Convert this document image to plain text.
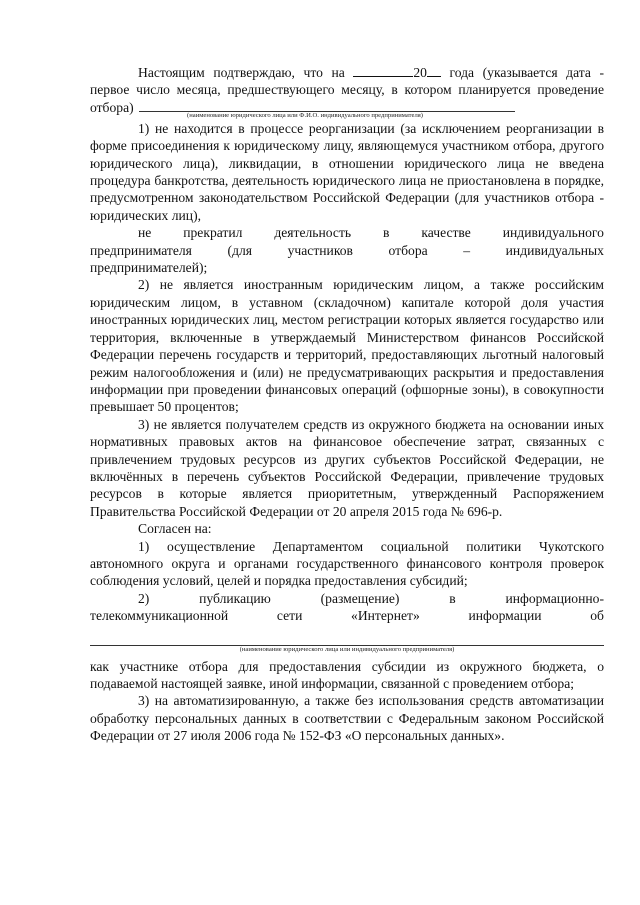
Настоящим подтверждаю, что на	20 года (указывается дата - первое число месяца, предшествующего месяцу, в котором планируется проведение отбора)
(наименование юридического лица или Ф.И.О. индивидуального предпринимателя)

1) не находится в процессе реорганизации (за исключением реорганизации в форме присоединения к юридическому лицу, являющемуся участником отбора, другого юридического лица), ликвидации, в отношении юридического лица не введена процедура банкротства, деятельность юридического лица не приостановлена в порядке, предусмотренном законодательством Российской Федерации (для участников отбора - юридических лиц),

не прекратил деятельность в качестве индивидуального
предпринимателя	(для	участников	отбора	–	индивидуальных

предпринимателей);

2) не является иностранным юридическим лицом, а также российским юридическим лицом, в уставном (складочном) капитале которой доля участия иностранных юридических лиц, местом регистрации которых является государство или территория, включенные в утверждаемый Министерством финансов Российской Федерации перечень государств и территорий, предоставляющих льготный налоговый режим налогообложения и (или) не предусматривающих раскрытия и предоставления информации при проведении финансовых операций (офшорные зоны), в совокупности превышает 50 процентов;

3) не является получателем средств из окружного бюджета на основании иных нормативных правовых актов на финансовое обеспечение затрат, связанных с привлечением трудовых ресурсов из других субъектов Российской Федерации, не включённых в перечень субъектов Российской Федерации, привлечение трудовых ресурсов в которые является приоритетным, утвержденный Распоряжением Правительства Российской Федерации от 20 апреля 2015 года № 696-р.

Согласен на:

1) осуществление Департаментом социальной политики Чукотского автономного округа и органами государственного финансового контроля проверок соблюдения условий, целей и порядка предоставления субсидий;

2)	публикацию	(размещение)	в	информационно-
телекоммуникационной	сети	«Интернет»	информации	об
(наименование юридического лица или индивидуального предпринимателя)

как участнике отбора для предоставления субсидии из окружного бюджета, о подаваемой настоящей заявке, иной информации, связанной с проведением отбора;

3) на автоматизированную, а также без использования средств автоматизации обработку персональных данных в соответствии с Федеральным законом Российской Федерации от 27 июля 2006 года № 152-ФЗ «О персональных данных».
